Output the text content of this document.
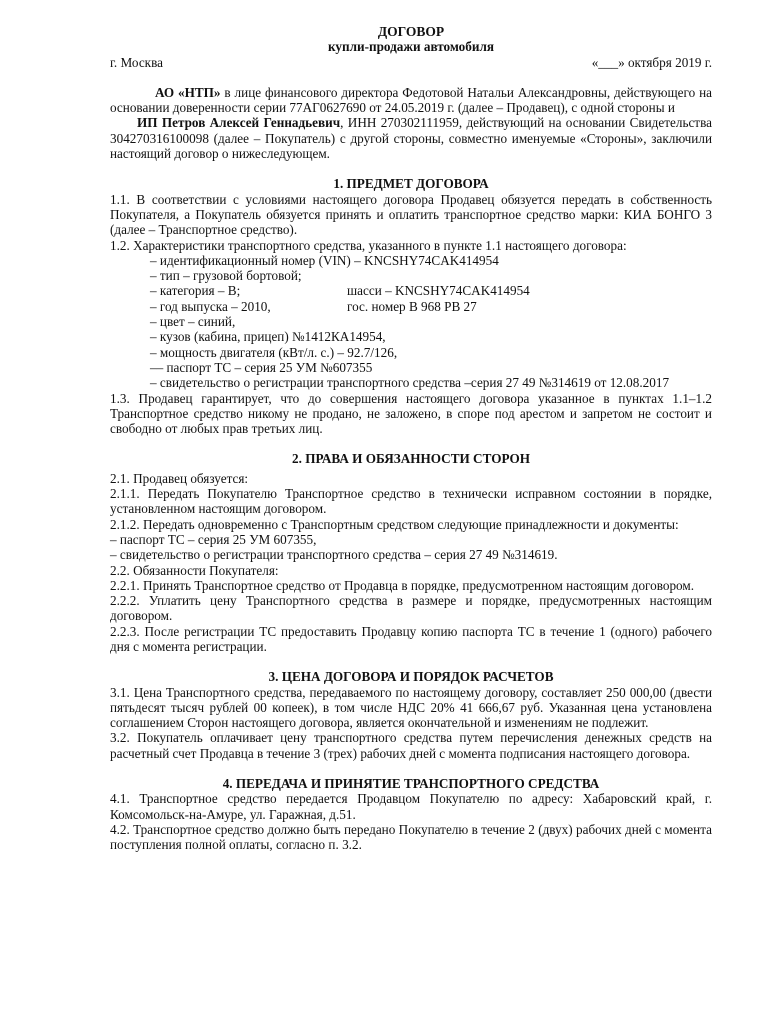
ДОГОВОР
купли-продажи автомобиля
г. Москва	«___» октября 2019 г.
АО «НТП» в лице финансового директора Федотовой Натальи Александровны, действующего на основании доверенности серии 77АГ0627690 от 24.05.2019 г. (далее – Продавец), с одной стороны и
ИП Петров Алексей Геннадьевич, ИНН 270302111959, действующий на основании Свидетельства 304270316100098 (далее – Покупатель) с другой стороны, совместно именуемые «Стороны», заключили настоящий договор о нижеследующем.
1. ПРЕДМЕТ ДОГОВОРА
1.1. В соответствии с условиями настоящего договора Продавец обязуется передать в собственность Покупателя, а Покупатель обязуется принять и оплатить транспортное средство марки: КИА БОНГО 3 (далее – Транспортное средство).
1.2. Характеристики транспортного средства, указанного в пункте 1.1 настоящего договора:
– идентификационный номер (VIN) – KNCSHY74CAK414954
– тип – грузовой бортовой;
– категория – В;	шасси – KNCSHY74CAK414954
– год выпуска – 2010,	гос. номер В 968 РВ 27
– цвет – синий,
– кузов (кабина, прицеп) №1412КА14954,
– мощность двигателя (кВт/л. с.) – 92.7/126,
–– паспорт ТС – серия 25 УМ №607355
– свидетельство о регистрации транспортного средства –серия 27 49 №314619 от 12.08.2017
1.3. Продавец гарантирует, что до совершения настоящего договора указанное в пунктах 1.1–1.2 Транспортное средство никому не продано, не заложено, в споре под арестом и запретом не состоит и свободно от любых прав третьих лиц.
2. ПРАВА И ОБЯЗАННОСТИ СТОРОН
2.1. Продавец обязуется:
2.1.1. Передать Покупателю Транспортное средство в технически исправном состоянии в порядке, установленном настоящим договором.
2.1.2. Передать одновременно с Транспортным средством следующие принадлежности и документы:
– паспорт ТС – серия 25 УМ 607355,
– свидетельство о регистрации транспортного средства – серия 27 49 №314619.
2.2. Обязанности Покупателя:
2.2.1. Принять Транспортное средство от Продавца в порядке, предусмотренном настоящим договором.
2.2.2. Уплатить цену Транспортного средства в размере и порядке, предусмотренных настоящим договором.
2.2.3. После регистрации ТС предоставить Продавцу копию паспорта ТС в течение 1 (одного) рабочего дня с момента регистрации.
3. ЦЕНА ДОГОВОРА И ПОРЯДОК РАСЧЕТОВ
3.1. Цена Транспортного средства, передаваемого по настоящему договору, составляет 250 000,00 (двести пятьдесят тысяч рублей 00 копеек), в том числе НДС 20% 41 666,67 руб. Указанная цена установлена соглашением Сторон настоящего договора, является окончательной и изменениям не подлежит.
3.2. Покупатель оплачивает цену транспортного средства путем перечисления денежных средств на расчетный счет Продавца в течение 3 (трех) рабочих дней с момента подписания настоящего договора.
4. ПЕРЕДАЧА И ПРИНЯТИЕ ТРАНСПОРТНОГО СРЕДСТВА
4.1. Транспортное средство передается Продавцом Покупателю по адресу: Хабаровский край, г. Комсомольск-на-Амуре, ул. Гаражная, д.51.
4.2. Транспортное средство должно быть передано Покупателю в течение 2 (двух) рабочих дней с момента поступления полной оплаты, согласно п. 3.2.
